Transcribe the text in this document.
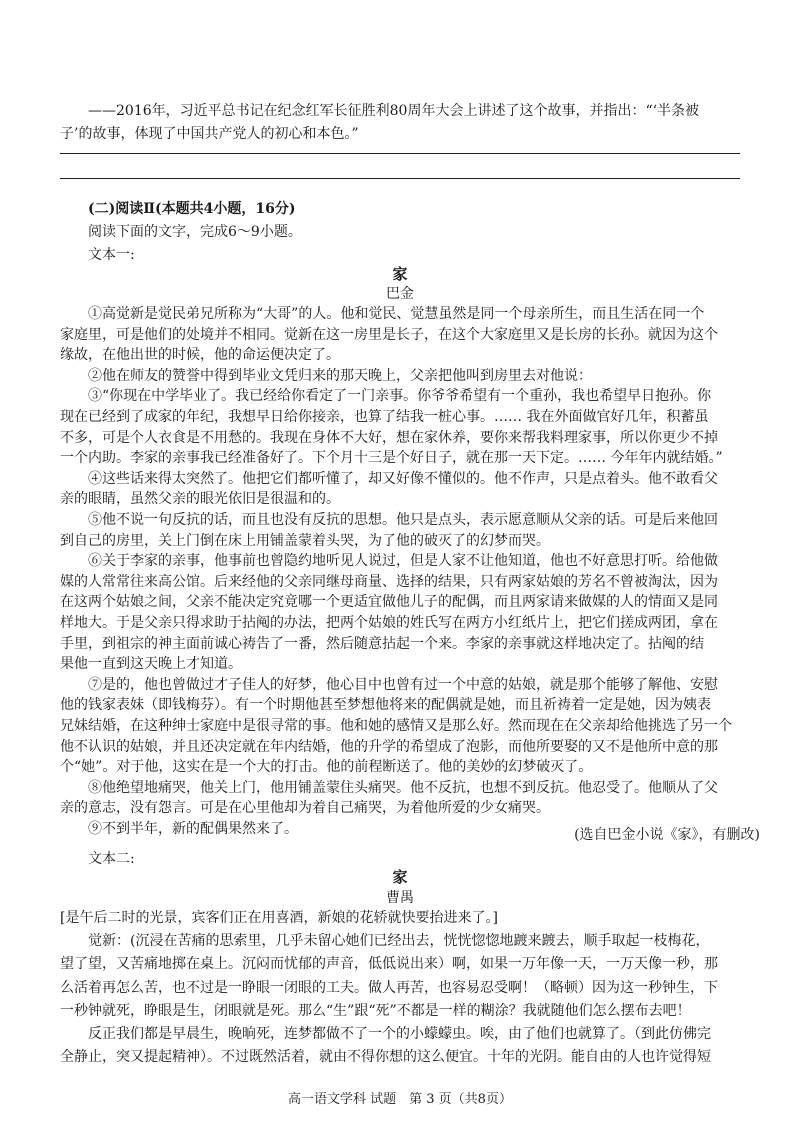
——2016年，习近平总书记在纪念红军长征胜利80周年大会上讲述了这个故事，并指出：“‘半条被

子’的故事，体现了中国共产党人的初心和本色。”

(二)阅读Ⅱ(本题共4小题，16分)

阅读下面的文字，完成6～9小题。

文本一:

家

巴金

①高觉新是觉民弟兄所称为“大哥”的人。他和觉民、觉慧虽然是同一个母亲所生，而且生活在同一个

家庭里，可是他们的处境并不相同。觉新在这一房里是长子，在这个大家庭里又是长房的长孙。就因为这个

缘故，在他出世的时候，他的命运便决定了。

②他在师友的赞誉中得到毕业文凭归来的那天晚上，父亲把他叫到房里去对他说：

③“你现在中学毕业了。我已经给你看定了一门亲事。你爷爷希望有一个重孙，我也希望早日抱孙。你

现在已经到了成家的年纪，我想早日给你接亲，也算了结我一桩心事。…… 我在外面做官好几年，积蓄虽

不多，可是个人衣食是不用愁的。我现在身体不大好，想在家休养，要你来帮我料理家事，所以你更少不掉

一个内助。李家的亲事我已经准备好了。下个月十三是个好日子，就在那一天下定。…… 今年年内就结婚。”

④这些话来得太突然了。他把它们都听懂了，却又好像不懂似的。他不作声，只是点着头。他不敢看父

亲的眼睛，虽然父亲的眼光依旧是很温和的。

⑤他不说一句反抗的话，而且也没有反抗的思想。他只是点头，表示愿意顺从父亲的话。可是后来他回

到自己的房里，关上门倒在床上用铺盖蒙着头哭，为了他的破灭了的幻梦而哭。

⑥关于李家的亲事，他事前也曾隐约地听见人说过，但是人家不让他知道，他也不好意思打听。给他做

媒的人常常往来高公馆。后来经他的父亲同继母商量、选择的结果，只有两家姑娘的芳名不曾被淘汰，因为

在这两个姑娘之间，父亲不能决定究竟哪一个更适宜做他儿子的配偶，而且两家请来做媒的人的情面又是同

样地大。于是父亲只得求助于拈阄的办法，把两个姑娘的姓氏写在两方小红纸片上，把它们搓成两团，拿在

手里，到祖宗的神主面前诚心祷告了一番，然后随意拈起一个来。李家的亲事就这样地决定了。拈阄的结

果他一直到这天晚上才知道。

⑦是的，他也曾做过才子佳人的好梦，他心目中也曾有过一个中意的姑娘，就是那个能够了解他、安慰

他的钱家表妹（即钱梅芬）。有一个时期他甚至梦想他将来的配偶就是她，而且祈祷着一定是她，因为姨表

兄妹结婚，在这种绅士家庭中是很寻常的事。他和她的感情又是那么好。然而现在在父亲却给他挑选了另一个

他不认识的姑娘，并且还决定就在年内结婚，他的升学的希望成了泡影，而他所要娶的又不是他所中意的那

个“她”。对于他，这实在是一个大的打击。他的前程断送了。他的美妙的幻梦破灭了。

⑧他绝望地痛哭，他关上门，他用铺盖蒙住头痛哭。他不反抗，也想不到反抗。他忍受了。他顺从了父

亲的意志，没有怨言。可是在心里他却为着自己痛哭，为着他所爱的少女痛哭。

⑨不到半年，新的配偶果然来了。	(选自巴金小说《家》，有删改)

文本二:

家

曹禺

[是午后二时的光景，宾客们正在用喜酒，新娘的花轿就快要抬进来了。]

觉新：(沉浸在苦痛的思索里，几乎未留心她们已经出去，恍恍惚惚地踱来踱去，顺手取起一枝梅花，

望了望，又苦痛地掷在桌上。沉闷而忧郁的声音，低低说出来）啊，如果一万年像一天，一万天像一秒，那

么活着再怎么苦，也不过是一睁眼一闭眼的工夫。做人再苦，也容易忍受啊！（略顿）因为这一秒钟生，下

一秒钟就死，睁眼是生，闭眼就是死。那么“生”跟“死”不都是一样的糊涂？我就随他们怎么摆布去吧！

反正我们都是早晨生，晚晌死，连梦都做不了一个的小蠓蠓虫。唉，由了他们也就算了。（到此仿佛完

全静止，突又提起精神）。不过既然活着，就由不得你想的这么便宜。十年的光阴。能自由的人也许觉得短

高一语文学科 试题　第 3 页（共8页）
